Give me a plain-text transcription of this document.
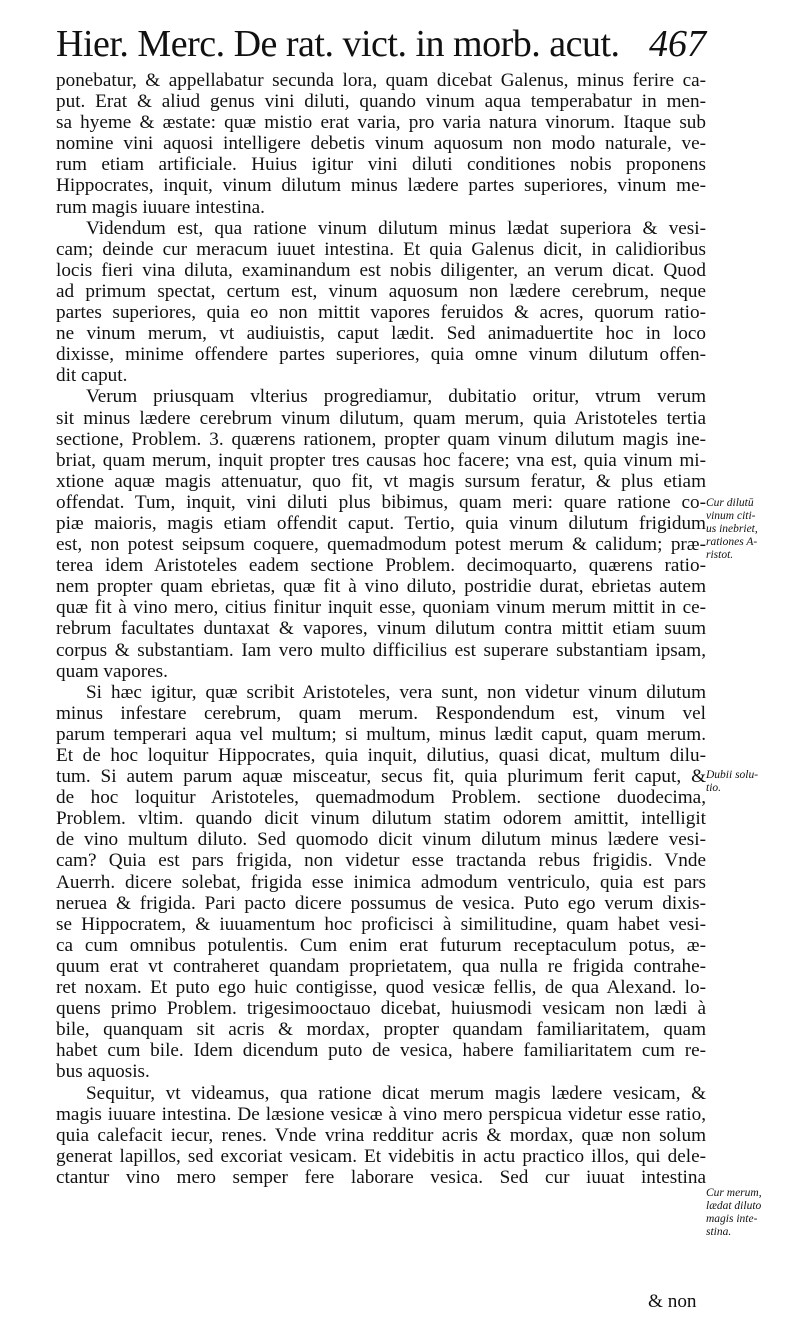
Hier. Merc. De rat. vict. in morb. acut. 467
ponebatur, & appellabatur secunda lora, quam dicebat Galenus, minus ferire ca-
put. Erat & aliud genus vini diluti, quando vinum aqua temperabatur in men-
sa hyeme & æstate: quæ mistio erat varia, pro varia natura vinorum. Itaque sub
nomine vini aquosi intelligere debetis vinum aquosum non modo naturale, ve-
rum etiam artificiale. Huius igitur vini diluti conditiones nobis proponens
Hippocrates, inquit, vinum dilutum minus lædere partes superiores, vinum me-
rum magis iuuare intestina.
Videndum est, qua ratione vinum dilutum minus lædat superiora & vesi-
cam; deinde cur meracum iuuet intestina. Et quia Galenus dicit, in calidioribus
locis fieri vina diluta, examinandum est nobis diligenter, an verum dicat. Quod
ad primum spectat, certum est, vinum aquosum non lædere cerebrum, neque
partes superiores, quia eo non mittit vapores feruidos & acres, quorum ratio-
ne vinum merum, vt audiuistis, caput lædit. Sed animaduertite hoc in loco
dixisse, minime offendere partes superiores, quia omne vinum dilutum offen-
dit caput.
Verum priusquam vlterius progrediamur, dubitatio oritur, vtrum verum
sit minus lædere cerebrum vinum dilutum, quam merum, quia Aristoteles tertia
sectione, Problem. 3. quærens rationem, propter quam vinum dilutum magis ine-
briat, quam merum, inquit propter tres causas hoc facere; vna est, quia vinum mi-
xtione aquæ magis attenuatur, quo fit, vt magis sursum feratur, & plus etiam
offendat. Tum, inquit, vini diluti plus bibimus, quam meri: quare ratione co-
piæ maioris, magis etiam offendit caput. Tertio, quia vinum dilutum frigidum
est, non potest seipsum coquere, quemadmodum potest merum & calidum; præ-
terea idem Aristoteles eadem sectione Problem. decimoquarto, quærens ratio-
nem propter quam ebrietas, quæ fit à vino diluto, postridie durat, ebrietas autem
quæ fit à vino mero, citius finitur inquit esse, quoniam vinum merum mittit in ce-
rebrum facultates duntaxat & vapores, vinum dilutum contra mittit etiam suum
corpus & substantiam. Iam vero multo difficilius est superare substantiam ipsam,
quam vapores.
Si hæc igitur, quæ scribit Aristoteles, vera sunt, non videtur vinum dilutum
minus infestare cerebrum, quam merum. Respondendum est, vinum vel
parum temperari aqua vel multum; si multum, minus lædit caput, quam merum.
Et de hoc loquitur Hippocrates, quia inquit, dilutius, quasi dicat, multum dilu-
tum. Si autem parum aquæ misceatur, secus fit, quia plurimum ferit caput, &
de hoc loquitur Aristoteles, quemadmodum Problem. sectione duodecima,
Problem. vltim. quando dicit vinum dilutum statim odorem amittit, intelligit
de vino multum diluto. Sed quomodo dicit vinum dilutum minus lædere vesi-
cam? Quia est pars frigida, non videtur esse tractanda rebus frigidis. Vnde
Auerrh. dicere solebat, frigida esse inimica admodum ventriculo, quia est pars
neruea & frigida. Pari pacto dicere possumus de vesica. Puto ego verum dixis-
se Hippocratem, & iuuamentum hoc proficisci à similitudine, quam habet vesi-
ca cum omnibus potulentis. Cum enim erat futurum receptaculum potus, æ-
quum erat vt contraheret quandam proprietatem, qua nulla re frigida contrahe-
ret noxam. Et puto ego huic contigisse, quod vesicæ fellis, de qua Alexand. lo-
quens primo Problem. trigesimooctauo dicebat, huiusmodi vesicam non lædi à
bile, quanquam sit acris & mordax, propter quandam familiaritatem, quam
habet cum bile. Idem dicendum puto de vesica, habere familiaritatem cum re-
bus aquosis.
Sequitur, vt videamus, qua ratione dicat merum magis lædere vesicam, &
magis iuuare intestina. De læsione vesicæ à vino mero perspicua videtur esse ratio,
quia calefacit iecur, renes. Vnde vrina redditur acris & mordax, quæ non solum
generat lapillos, sed excoriat vesicam. Et videbitis in actu practico illos, qui dele-
ctantur vino mero semper fere laborare vesica. Sed cur iuuat intestina
Cur dilutū
vinum citi-
us inebriet,
rationes A-
ristot.
Dubii solu-
tio.
Cur merum,
lædat diluto
magis inte-
stina.
& non
